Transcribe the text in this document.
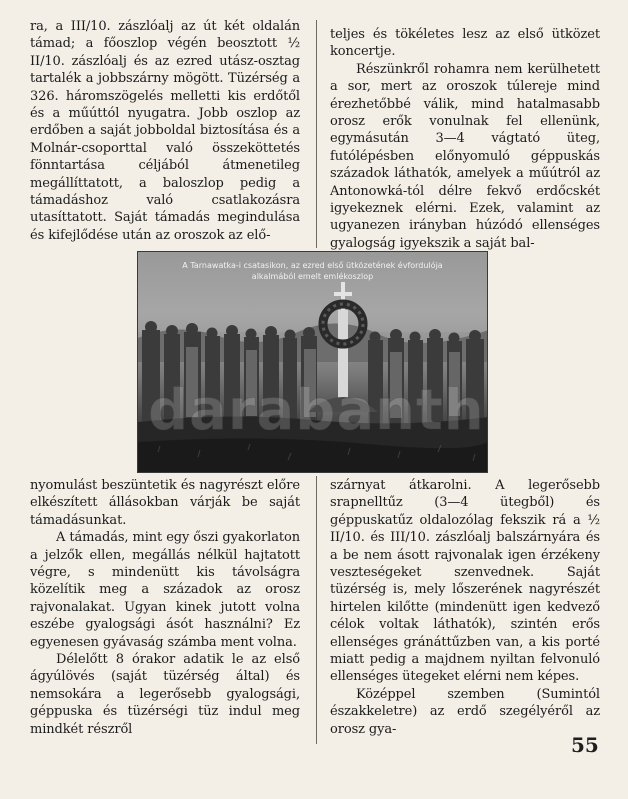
ra, a III/10. zászlóalj az út két oldalán támad; a főoszlop végén beosztott ½ II/10. zászlóalj és az ezred utász-osztag tartalék a jobbszárny mögött. Tüzérség a 326. háromszögelés melletti kis erdőtől és a műúttól nyugatra. Jobb oszlop az erdőben a saját jobboldal biztosítása és a Molnár-csoporttal való összeköttetés fönntartása céljából átmenetileg megállíttatott, a baloszlop pedig a támadáshoz való csatlakozásra utasíttatott. Saját támadás megindulása és kifejlődése után az oroszok az elő-

teljes és tökéletes lesz az első ütközet koncertje.

Részünkről rohamra nem kerülhetett a sor, mert az oroszok túlereje mind érezhetőbbé válik, mind hatalmasabb orosz erők vonulnak fel ellenünk, egymásután 3—4 vágtató üteg, futólépésben előnyomuló géppuskás századok láthatók, amelyek a műútról az Antonowká-tól délre fekvő erdőcskét igyekeznek elérni. Ezek, valamint az ugyanezen irányban húzódó ellenséges gyalogság igyekszik a saját bal-

A Tarnawatka-i csatasikon, az ezred első ütközetének évfordulója alkalmából emelt emlékoszlop

nyomulást beszüntetik és nagyrészt előre elkészített állásokban várják be saját támadásunkat.

A támadás, mint egy őszi gyakorlaton a jelzők ellen, megállás nélkül hajtatott végre, s mindenütt kis távolságra közelítik meg a századok az orosz rajvonalakat. Ugyan kinek jutott volna eszébe gyalogsági ásót használni? Ez egyenesen gyávaság számba ment volna.

Délelőtt 8 órakor adatik le az első ágyúlövés (saját tüzérség által) és nemsokára a legerősebb gyalogsági, géppuska és tüzérségi tüz indul meg mindkét részről

szárnyat átkarolni. A legerősebb srapnelltűz (3—4 ütegből) és géppuskatűz oldalozólag fekszik rá a ½ II/10. és III/10. zászlóalj balszárnyára és a be nem ásott rajvonalak igen érzékeny veszteségeket szenvednek. Saját tüzérség is, mely lőszerének nagyrészét hirtelen kilőtte (mindenütt igen kedvező célok voltak láthatók), szintén erős ellenséges gránáttűzben van, a kis porté miatt pedig a majdnem nyiltan felvonuló ellenséges ütegeket elérni nem képes.

Középpel szemben (Sumintól északkeletre) az erdő szegélyéről az orosz gya-

55
